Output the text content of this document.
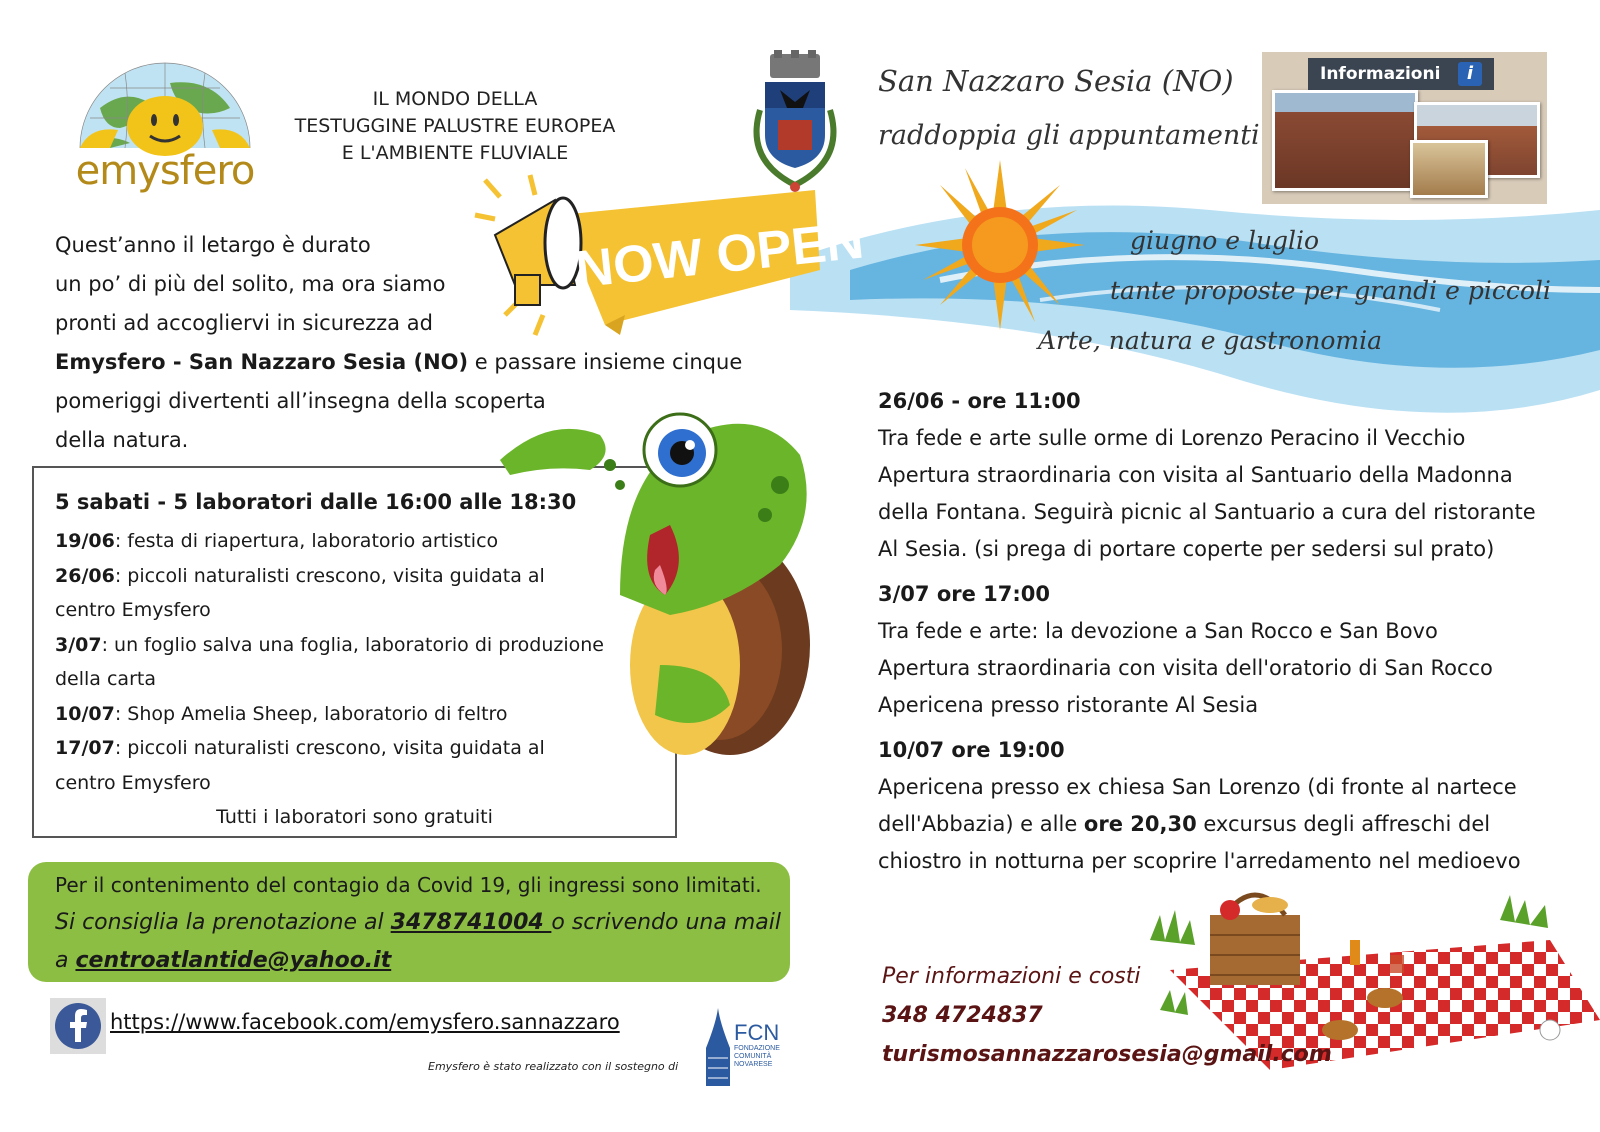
emysfero
IL MONDO DELLA
TESTUGGINE PALUSTRE EUROPEA
E L'AMBIENTE FLUVIALE
San Nazzaro Sesia (NO)
raddoppia gli appuntamenti
giugno e luglio
tante proposte per grandi e piccoli
Arte, natura e gastronomia
Informazioni	i
NOW OPEN
Quest’anno il letargo è durato
un po’ di più del solito, ma ora siamo
pronti ad accogliervi in sicurezza ad
Emysfero - San Nazzaro Sesia (NO) e passare insieme cinque
pomeriggi divertenti all’insegna della scoperta
della natura.
5 sabati - 5 laboratori dalle 16:00 alle 18:30
19/06: festa di riapertura, laboratorio artistico
26/06: piccoli naturalisti crescono, visita guidata al
centro Emysfero
3/07: un foglio salva una foglia, laboratorio di produzione
della carta
10/07: Shop Amelia Sheep, laboratorio di feltro
17/07: piccoli naturalisti crescono, visita guidata al
centro Emysfero
Tutti i laboratori sono gratuiti
Per il contenimento del contagio da Covid 19, gli ingressi sono limitati.
Si consiglia la prenotazione al 3478741004 o scrivendo una mail
a centroatlantide@yahoo.it
https://www.facebook.com/emysfero.sannazzaro
Emysfero è stato realizzato con il sostegno di
FCN
FONDAZIONE
COMUNITÀ
NOVARESE
26/06 - ore 11:00
Tra fede e arte sulle orme di Lorenzo Peracino il Vecchio
Apertura straordinaria con visita al Santuario della Madonna
della Fontana. Seguirà picnic al Santuario a cura del ristorante
Al Sesia. (si prega di portare coperte per sedersi sul prato)
3/07 ore 17:00
Tra fede e arte: la devozione a San Rocco e San Bovo
Apertura straordinaria con visita dell'oratorio di San Rocco
Apericena presso ristorante Al Sesia
10/07 ore 19:00
Apericena presso ex chiesa San Lorenzo (di fronte al nartece
dell'Abbazia) e alle ore 20,30 excursus degli affreschi del
chiostro in notturna per scoprire l'arredamento nel medioevo
Per informazioni e costi
348 4724837
turismosannazzarosesia@gmail.com
